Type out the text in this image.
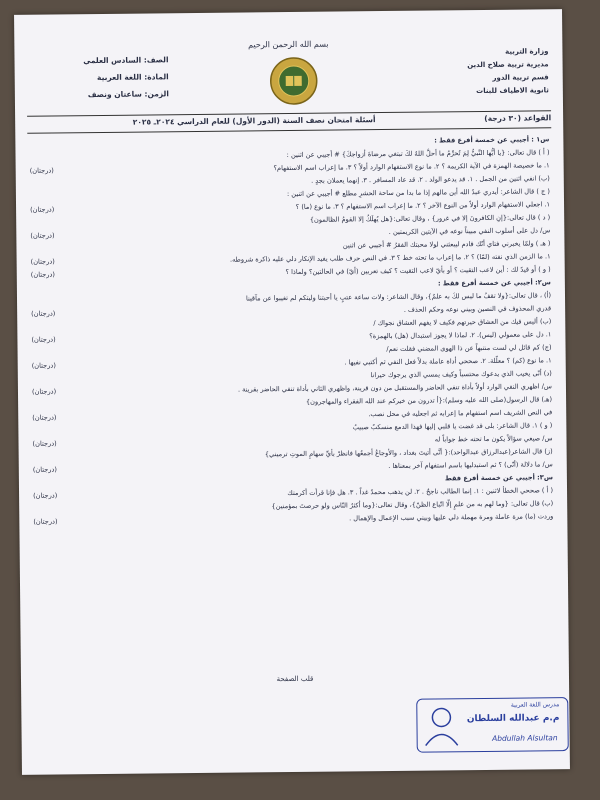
بسم الله الرحمن الرحيم
وزارة التربية
مديرية تربية صلاح الدين
قسم تربية الدور
ثانوية الاطياف للبنات
الصف: السادس العلمي
المادة: اللغة العربية
الزمن: ساعتان ونصف
القواعد (٣٠ درجة)
أسئلة امتحان نصف السنة (الدور الأول) للعام الدراسي ٢٠٢٤ـ ٢٠٢٥
س١ : أجيبي عن خمسة أفرع فقط :
( أ ) قال تعالى: {يا أيُّها النَّبيُّ لِمَ تُحرِّمُ ما أحلَّ اللهُ لكَ تبتغي مرضاةَ أزواجكَ} # أجيبي عن اثنين :
١. ما خصيصة الهمزة في الآية الكريمة ؟ ٢. ما نوع الاستفهام الوارد أولاً ؟ ٣. ما إعراب اسم الاستفهام؟
(درجتان)
(ب) انفي اثنين من الجمل . ١. قد يدعو الولد . ٢. قد عاد المسافر . ٣. إنهما يعملان بجدٍ .
( ج ) قال الشاعر: أيدري عبدُ الله أين مالهم إذا ما بدا من ساحة الحشرِ مطلع # أجيبي عن اثنين :
١. اجعلي الاستفهام الوارد أولاً من النوع الآخر ؟ ٢. ما إعراب اسم الاستفهام ؟ ٣. ما نوع (ما) ؟
(درجتان)
( د ) قال تعالى:{إنِ الكافرونَ إلا في غرور} ، وقال تعالى:{هل يُهلَكُ إلا القومُ الظالمون}
س/ دل على أسلوب النفي مبيناً نوعه في الآيتين الكريمتين .
(درجتان)
( هـ ) ولمّا يخبرني فتاي أنّك قادم ليبعثني لولا محبتك الفقرُ # أجيبي عن اثنين
١. ما الزمن الذي نفته (لمّا) ؟ ٢. ما إعراب ما تحته خط ؟ ٣. في النص حرف طلب يفيد الإنكار دلي عليه ذاكرة شروطه.
(درجتان)
( و ) أو قيدً لك : أين لاعب التقيت ؟ أو بأيّ لاعب التقيت ؟ كيف تعربين (أيّ) في الحالتين؟ ولماذا ؟
(درجتان)
س٢: أجيبي عن خمسة أفرع فقط :
(أ) ، قال تعالى:{ولا تقفُ ما ليس لكَ به علمٌ}، وقال الشاعر: ولات ساعة عتبٍ يا أحبتنا وليتكم لم تغيبوا عن مآقينا
قدري المحذوف في النصين وبيني نوعه وحكم الحذف .
(درجتان)
(ب) أليس فيك من العشاق حيرتهم فكيف لا يفهم العشاق نجواك /
١. دل على معمولي (ليس). ٢. لماذا لا يجوز استبدال (هل) بالهمزة؟
(درجتان)
(ج) كم قائل لي لست منتبهاً عن ذا الهوى المضني فقلت نعم/
١. ما نوع (كم) ؟ معلّلة. ٢. صححي أداة عاملة بدلاً فعل النفي ثم أكتبي نفيها .
(درجتان)
(د) أنّى يخيب الذي يدعوك محتسباً وكيف يمسي الذي يرجوك حيرانا
س/ اظهري النفي الوارد أولاً بأداة تنفي الحاضر والمستقبل من دون قرينة، واظهري الثاني بأداة تنفي الحاضر بقرينة .
(درجتان)
(هـ) قال الرسول(صلى الله عليه وسلم):{أ تدرون من خيركم عند الله الفقراء والمهاجرون}
في النص الشريف اسم استفهام ما إعرابه ثم اجعليه في محل نصب.
(درجتان)
( و ) ١. قال الشاعر: بلى قد غضت يا قلبي إليها فهذا الدمع منسكبٌ صبيبُ
س/ صيغي سؤالاً يكون ما تحته خط جواباً له
(درجتان)
(ز) قال الشاعر(عبدالرزاق عبدالواحد):{ أنَّى أتيتَ بغداد ، والأوجاعُ أجمعُها فانظرْ بأيِّ سهامِ الموتِ ترميني}
س/ ما دلالة (أنّى) ؟ ثم استبدليها باسم استفهام آخر بمعناها .
(درجتان)
س٣: أجيبي عن خمسة أفرع فقط
( أ ) صححي الخطأ لاثنين : ١. إنما الطالب ناجحٌ . ٢. لن يذهب محمدٌ غداً . ٣. هل فإنا قرأت أكرمتك
(درجتان)
(ب) قال تعالى: {وما لهم به من علمٍ إلّا اتّباع الظنّ}، وقال تعالى:{وما أكثرُ النّاس ولو حرصتَ بمؤمنين}
وردت (ما) مرة عاملة ومرة مهملة دلي عليها وبيني سبب الإعمال والإهمال .
(درجتان)
قلب الصفحة
مدرس اللغة العربية
م.م عبدالله السلطان
Abdullah Alsultan
